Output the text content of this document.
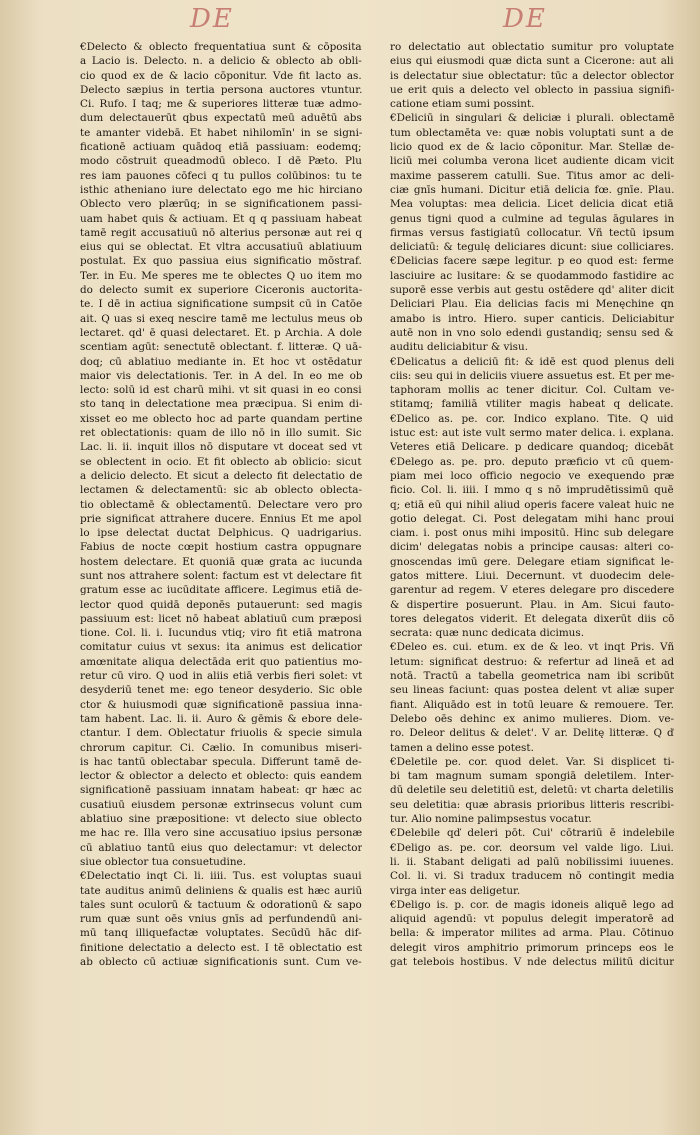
DE	DE
€Delecto & oblecto frequentatiua sunt & cōposita
a Lacio is. Delecto. n. a delicio & oblecto ab obli-
cio quod ex de & lacio cōponitur. Vde fit lacto as.
Delecto sæpius in tertia persona auctores vtuntur.
Ci. Rufo. I taq; me & superiores litteræ tuæ admo-
dum delectauerūt qbus expectatū meū aduētū abs
te amanter videbā. Et habet nihilomīn' in se signi-
ficationē actiuam quādoq etiā passiuam: eodemq;
modo cōstruit queadmodū obleco. I dē Pæto. Plu
res iam pauones cōfeci q tu pullos colūbinos: tu te
isthic atheniano iure delectato ego me hic hirciano
Oblecto vero plærūq; in se significationem passi-
uam habet quis & actiuam. Et q q passiuam habeat
tamē regit accusatiuū nō alterius personæ aut rei q
eius qui se oblectat. Et vltra accusatiuū ablatiuum
postulat. Ex quo passiua eius significatio mōstraf.
Ter. in Eu. Me speres me te oblectes Q uo item mo
do delecto sumit ex superiore Ciceronis auctorita-
te. I dē in actiua significatione sumpsit cū in Catōe
ait. Q uas si exeq nescire tamē me lectulus meus ob
lectaret. qd' ē quasi delectaret. Et. p Archia. A dole
scentiam agūt: senectutē oblectant. f. litteræ. Q uā-
doq; cū ablatiuo mediante in. Et hoc vt ostēdatur
maior vis delectationis. Ter. in A del. In eo me ob
lecto: solū id est charū mihi. vt sit quasi in eo consi
sto tanq in delectatione mea præcipua. Si enim di-
xisset eo me oblecto hoc ad parte quandam pertine
ret oblectationis: quam de illo nō in illo sumit. Sic
Lac. li. ii. inquit illos nō disputare vt doceat sed vt
se oblectent in ocio. Et fit oblecto ab oblicio: sicut
a delicio delecto. Et sicut a delecto fit delectatio de
lectamen & delectamentū: sic ab oblecto oblecta-
tio oblectamē & oblectamentū. Delectare vero pro
prie significat attrahere ducere. Ennius Et me apol
lo ipse delectat ductat Delphicus. Q uadrigarius.
Fabius de nocte cœpit hostium castra oppugnare
hostem delectare. Et quoniā quæ grata ac iucunda
sunt nos attrahere solent: factum est vt delectare fit
gratum esse ac iucūditate afficere. Legimus etiā de-
lector quod quidā deponēs putauerunt: sed magis
passiuum est: licet nō habeat ablatiuū cum præposi
tione. Col. li. i. Iucundus vtiq; viro fit etiā matrona
comitatur cuius vt sexus: ita animus est delicatior
amœnitate aliqua delectāda erit quo patientius mo-
retur cū viro. Q uod in aliis etiā verbis fieri solet: vt
desyderiū tenet me: ego teneor desyderio. Sic oble
ctor & huiusmodi quæ significationē passiua inna-
tam habent. Lac. li. ii. Auro & gēmis & ebore dele-
ctantur. I dem. Oblectatur friuolis & specie simula
chrorum capitur. Ci. Cælio. In comunibus miseri-
is hac tantū oblectabar specula. Differunt tamē de-
lector & oblector a delecto et oblecto: quis eandem
significationē passiuam innatam habeat: qr hæc ac
cusatiuū eiusdem personæ extrinsecus volunt cum
ablatiuo sine præpositione: vt delecto siue oblecto
me hac re. Illa vero sine accusatiuo ipsius personæ
cū ablatiuo tantū eius quo delectamur: vt delector
siue oblector tua consuetudine.
€Delectatio inqt Ci. li. iiii. Tus. est voluptas suaui
tate auditus animū deliniens & qualis est hæc auriū
tales sunt oculorū & tactuum & odorationū & sapo
rum quæ sunt oēs vnius gnīs ad perfundendū ani-
mū tanq illiquefactæ voluptates. Secūdū hāc dif-
finitione delectatio a delecto est. I tē oblectatio est
ab oblecto cū actiuæ significationis sunt. Cum ve-
ro delectatio aut oblectatio sumitur pro voluptate
eius qui eiusmodi quæ dicta sunt a Cicerone: aut ali
is delectatur siue oblectatur: tūc a delector oblector
ue erit quis a delecto vel oblecto in passiua signifi-
catione etiam sumi possint.
€Deliciū in singulari & deliciæ i plurali. oblectamē
tum oblectamēta ve: quæ nobis voluptati sunt a de
licio quod ex de & lacio cōponitur. Mar. Stellæ de-
liciū mei columba verona licet audiente dicam vicit
maxime passerem catulli. Sue. Titus amor ac deli-
ciæ gnīs humani. Dicitur etiā delicia fœ. gnīe. Plau.
Mea voluptas: mea delicia. Licet delicia dicat etiā
genus tigni quod a culmine ad tegulas āgulares in
firmas versus fastigiatū collocatur. Vñ tectū ipsum
deliciatū: & tegulę deliciares dicunt: siue colliciares.
€Delicias facere sæpe legitur. p eo quod est: ferme
lasciuire ac lusitare: & se quodammodo fastidire ac
suporē esse verbis aut gestu ostēdere qd' aliter dicit
Deliciari Plau. Eia delicias facis mi Menęchine qn
amabo is intro. Hiero. super canticis. Deliciabitur
autē non in vno solo edendi gustandiq; sensu sed &
auditu deliciabitur & visu.
€Delicatus a deliciū fit: & idē est quod plenus deli
ciis: seu qui in deliciis viuere assuetus est. Et per me-
taphoram mollis ac tener dicitur. Col. Cultam ve-
stitamq; familiā vtiliter magis habeat q delicate.
€Delico as. pe. cor. Indico explano. Tite. Q uid
istuc est: aut iste vult sermo mater delica. i. explana.
Veteres etiā Delicare. p dedicare quandoq; dicebāt
€Delego as. pe. pro. deputo præficio vt cū quem-
piam mei loco officio negocio ve exequendo præ
ficio. Col. li. iiii. I mmo q s nō imprudētissimū quē
q; etiā eū qui nihil aliud operis facere valeat huic ne
gotio delegat. Ci. Post delegatam mihi hanc proui
ciam. i. post onus mihi impositū. Hinc sub delegare
dicim' delegatas nobis a principe causas: alteri co-
gnoscendas imū gere. Delegare etiam significat le-
gatos mittere. Liui. Decernunt. vt duodecim dele-
garentur ad regem. V eteres delegare pro discedere
& dispertire posuerunt. Plau. in Am. Sicui fauto-
tores delegatos viderit. Et delegata dixerūt diis cō
secrata: quæ nunc dedicata dicimus.
€Deleo es. cui. etum. ex de & leo. vt inqt Pris. Vñ
letum: significat destruo: & refertur ad lineā et ad
notā. Tractū a tabella geometrica nam ibi scribūt
seu lineas faciunt: quas postea delent vt aliæ super
fiant. Aliquādo est in totū leuare & remouere. Ter.
Delebo oēs dehinc ex animo mulieres. Diom. ve-
ro. Deleor delitus & delet'. V ar. Delitę litteræ. Q ď
tamen a delino esse potest.
€Deletile pe. cor. quod delet. Var. Si displicet ti-
bi tam magnum sumam spongiā deletilem. Inter-
dū deletile seu deletitiū est, deletū: vt charta deletilis
seu deletitia: quæ abrasis prioribus litteris rescribi-
tur. Alio nomine palimpsestus vocatur.
€Delebile qď deleri pōt. Cui' cōtrariū ē indelebile
€Deligo as. pe. cor. deorsum vel valde ligo. Liui.
li. ii. Stabant deligati ad palū nobilissimi iuuenes.
Col. li. vi. Si tradux traducem nō contingit media
virga inter eas deligetur.
€Deligo is. p. cor. de magis idoneis aliquē lego ad
aliquid agendū: vt populus delegit imperatorē ad
bella: & imperator milites ad arma. Plau. Cōtinuo
delegit viros amphitrio primorum princeps eos le
gat telebois hostibus. V nde delectus militū dicitur
